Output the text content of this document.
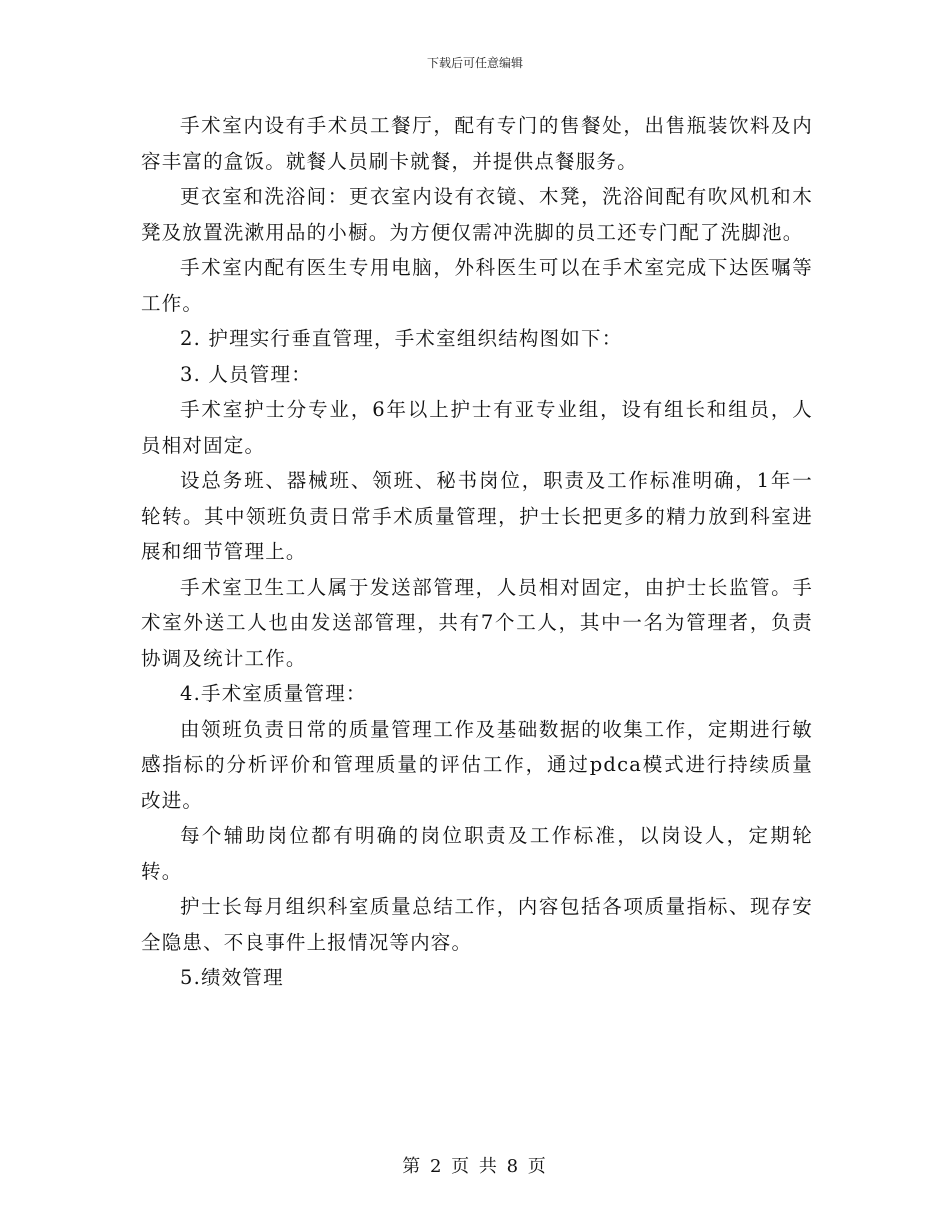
下载后可任意编辑

手术室内设有手术员工餐厅，配有专门的售餐处，出售瓶装饮料及内容丰富的盒饭。就餐人员刷卡就餐，并提供点餐服务。

更衣室和洗浴间：更衣室内设有衣镜、木凳，洗浴间配有吹风机和木凳及放置洗漱用品的小橱。为方便仅需冲洗脚的员工还专门配了洗脚池。

手术室内配有医生专用电脑，外科医生可以在手术室完成下达医嘱等工作。

2. 护理实行垂直管理，手术室组织结构图如下：

3. 人员管理：

手术室护士分专业，6年以上护士有亚专业组，设有组长和组员，人员相对固定。

设总务班、器械班、领班、秘书岗位，职责及工作标准明确，1年一轮转。其中领班负责日常手术质量管理，护士长把更多的精力放到科室进展和细节管理上。

手术室卫生工人属于发送部管理，人员相对固定，由护士长监管。手术室外送工人也由发送部管理，共有7个工人，其中一名为管理者，负责协调及统计工作。

4.手术室质量管理：

由领班负责日常的质量管理工作及基础数据的收集工作，定期进行敏感指标的分析评价和管理质量的评估工作，通过pdca模式进行持续质量改进。

每个辅助岗位都有明确的岗位职责及工作标准，以岗设人，定期轮转。

护士长每月组织科室质量总结工作，内容包括各项质量指标、现存安全隐患、不良事件上报情况等内容。

5.绩效管理

第 2 页 共 8 页
